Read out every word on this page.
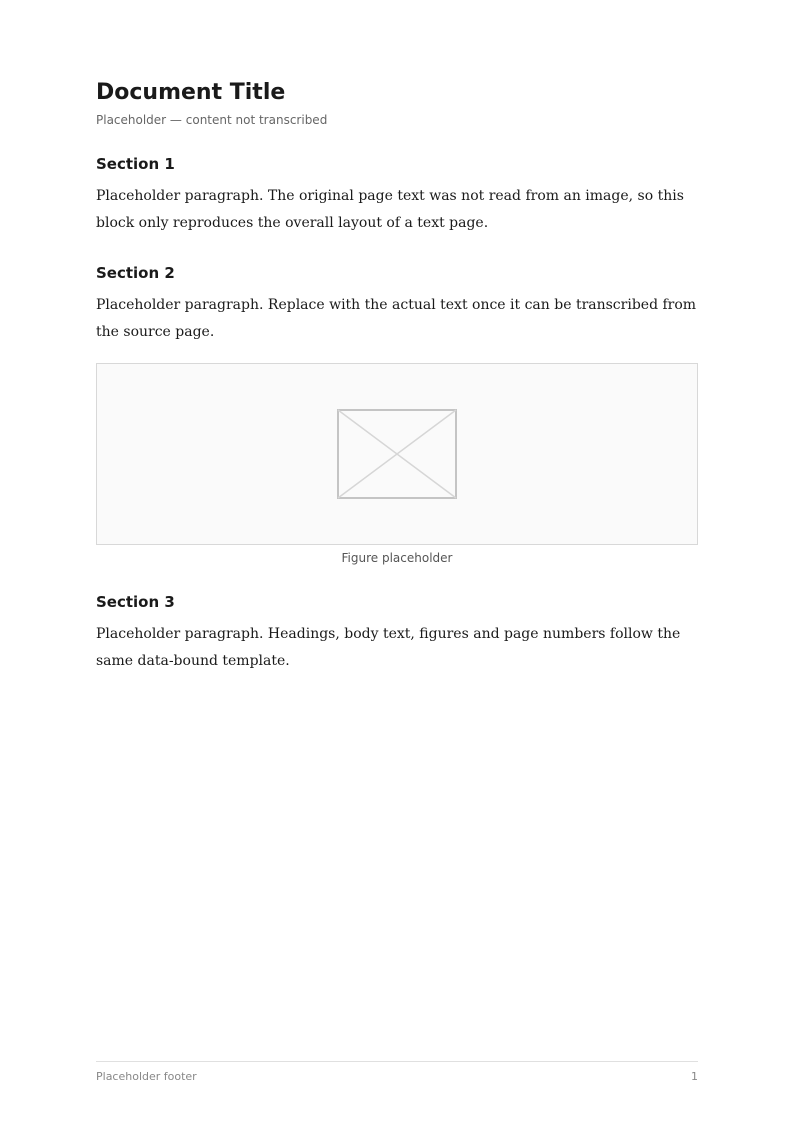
Document Title

Placeholder — content not transcribed

Section 1

Placeholder paragraph. The original page text was not read from an image, so this block only reproduces the overall layout of a text page.

Section 2

Placeholder paragraph. Replace with the actual text once it can be transcribed from the source page.

Figure placeholder

Section 3

Placeholder paragraph. Headings, body text, figures and page numbers follow the same data-bound template.

Placeholder footer	1
